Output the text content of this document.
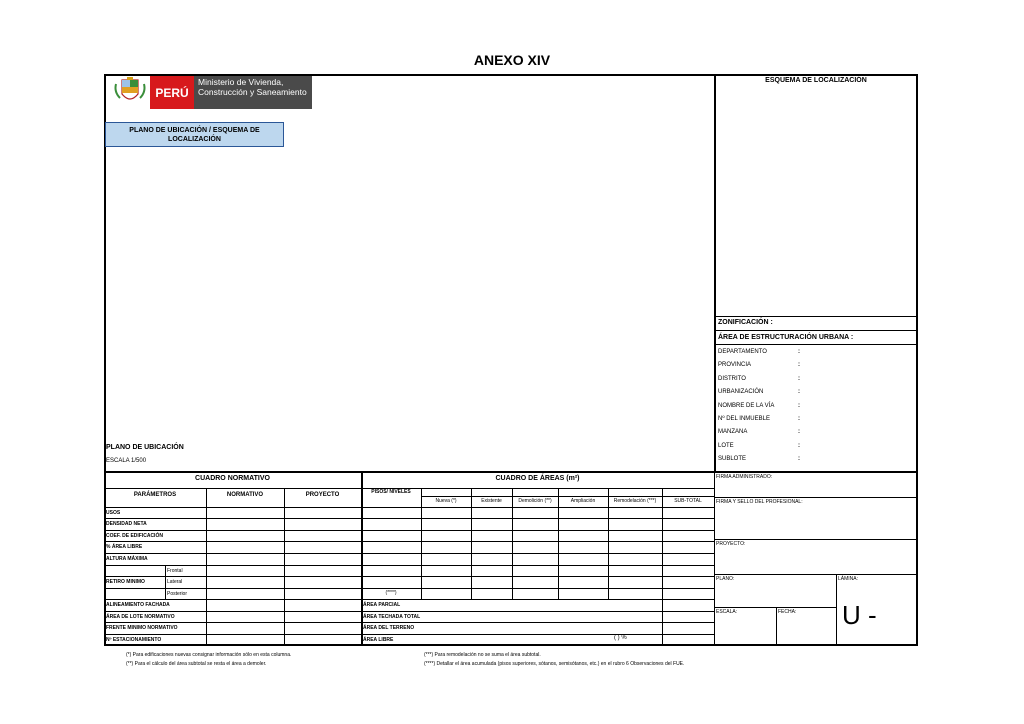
ANEXO XIV
PERÚ
Ministerio de Vivienda, Construcción y Saneamiento
PLANO DE UBICACIÓN / ESQUEMA DE LOCALIZACIÓN
PLANO DE UBICACIÓN
ESCALA 1/500
ESQUEMA DE LOCALIZACIÓN
ZONIFICACIÓN :
ÁREA DE ESTRUCTURACIÓN URBANA :
FIRMA ADMINISTRADO:
FIRMA Y SELLO DEL PROFESIONAL:
PROYECTO:
PLANO:	LÁMINA:
ESCALA:	FECHA: U -
(*) Para edificaciones nuevas consignar información sólo en esta columna.
(**) Para el cálculo del área subtotal se resta el área a demoler.
(***) Para remodelación no se suma el área subtotal.
(****) Detallar el área acumulada (pisos superiores, sótanos, semisótanos, etc.) en el rubro 6 Observaciones del FUE.
DEPARTAMENTO	:
PROVINCIA	:
DISTRITO	:
URBANIZACIÓN	:
NOMBRE DE LA VÍA	:
Nº DEL INMUEBLE	:
MANZANA	:
LOTE	:
SUBLOTE	:
CUADRO NORMATIVO
PARÁMETROS	NORMATIVO	PROYECTO
USOS
DENSIDAD NETA
COEF. DE EDIFICACIÓN
% ÁREA LIBRE
ALTURA MÁXIMA
RETIRO MINIMO
Frontal
Lateral
Posterior
ALINEAMIENTO FACHADA
ÁREA DE LOTE NORMATIVO
FRENTE MINIMO NORMATIVO
Nº ESTACIONAMIENTO
CUADRO DE ÁREAS (m²)
PISOS/ NIVELES
Nueva (*)	Existente	Demolición (**)	Ampliación	Remodelación (***)	SUB-TOTAL
(****)
ÁREA PARCIAL
ÁREA TECHADA TOTAL
ÁREA DEL TERRENO
ÁREA LIBRE	( ) %
